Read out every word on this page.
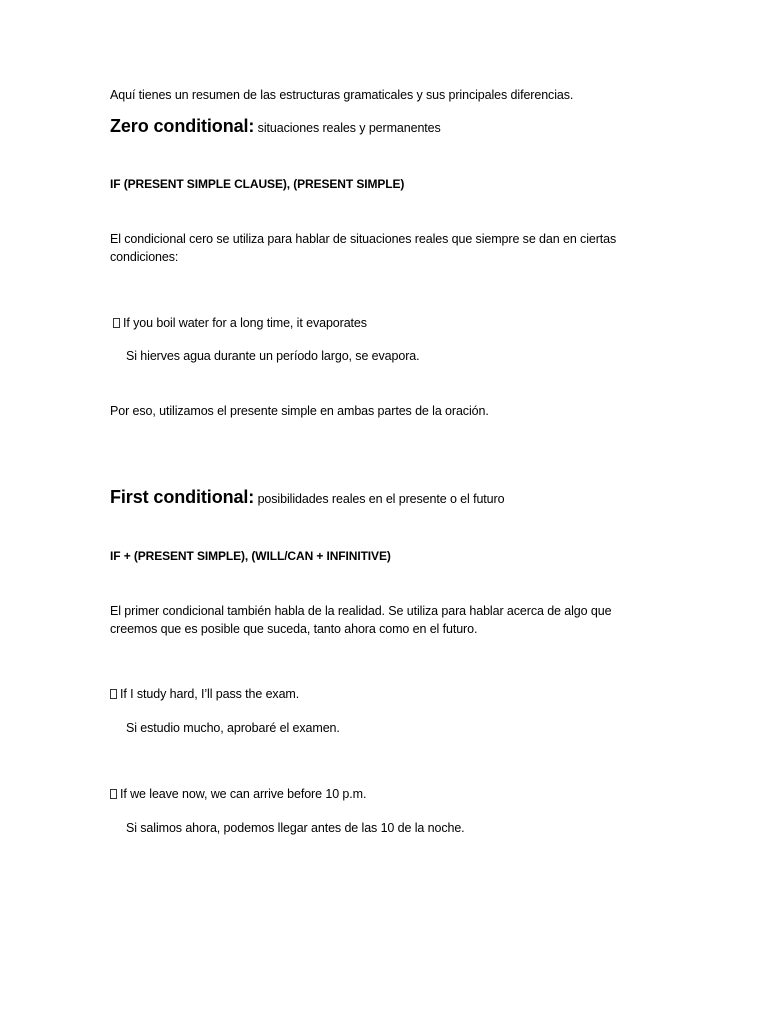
Aquí tienes un resumen de las estructuras gramaticales y sus principales diferencias.
Zero conditional: situaciones reales y permanentes
IF (PRESENT SIMPLE CLAUSE), (PRESENT SIMPLE)
El condicional cero se utiliza para hablar de situaciones reales que siempre se dan en ciertas condiciones:
If you boil water for a long time, it evaporates
Si hierves agua durante un período largo, se evapora.
Por eso, utilizamos el presente simple en ambas partes de la oración.
First conditional: posibilidades reales en el presente o el futuro
IF + (PRESENT SIMPLE), (WILL/CAN + INFINITIVE)
El primer condicional también habla de la realidad. Se utiliza para hablar acerca de algo que creemos que es posible que suceda, tanto ahora como en el futuro.
If I study hard, I’ll pass the exam.
Si estudio mucho, aprobaré el examen.
If we leave now, we can arrive before 10 p.m.
Si salimos ahora, podemos llegar antes de las 10 de la noche.
